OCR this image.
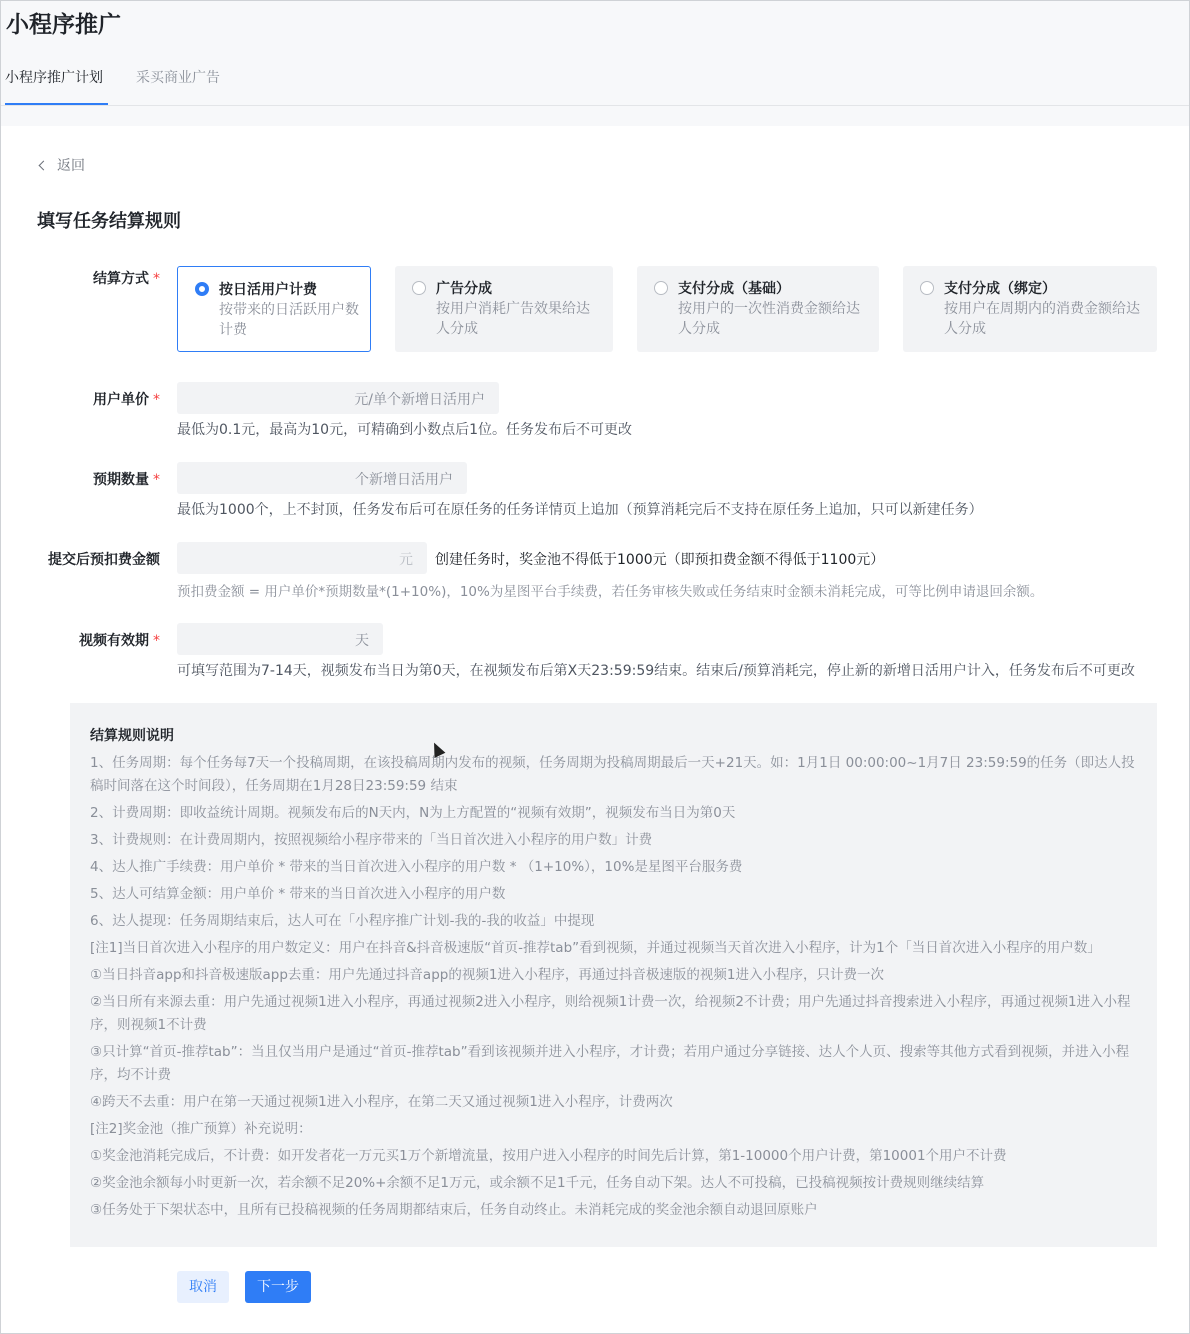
小程序推广
小程序推广计划	采买商业广告
返回
填写任务结算规则
结算方式 *
按日活用户计费
按带来的日活跃用户数计费
广告分成
按用户消耗广告效果给达人分成
支付分成（基础）
按用户的一次性消费金额给达人分成
支付分成（绑定）
按用户在周期内的消费金额给达人分成
用户单价 *	元/单个新增日活用户
最低为0.1元，最高为10元，可精确到小数点后1位。任务发布后不可更改
预期数量 *	个新增日活用户
最低为1000个，上不封顶，任务发布后可在原任务的任务详情页上追加（预算消耗完后不支持在原任务上追加，只可以新建任务）
提交后预扣费金额	元 创建任务时，奖金池不得低于1000元（即预扣费金额不得低于1100元）
预扣费金额 = 用户单价*预期数量*(1+10%)，10%为星图平台手续费，若任务审核失败或任务结束时金额未消耗完成，可等比例申请退回余额。
视频有效期 *	天
可填写范围为7-14天，视频发布当日为第0天，在视频发布后第X天23:59:59结束。结束后/预算消耗完，停止新的新增日活用户计入，任务发布后不可更改
结算规则说明
1、任务周期：每个任务每7天一个投稿周期，在该投稿周期内发布的视频，任务周期为投稿周期最后一天+21天。如：1月1日 00:00:00~1月7日 23:59:59的任务（即达人投稿时间落在这个时间段），任务周期在1月28日23:59:59 结束
2、计费周期：即收益统计周期。视频发布后的N天内，N为上方配置的“视频有效期”，视频发布当日为第0天
3、计费规则：在计费周期内，按照视频给小程序带来的「当日首次进入小程序的用户数」计费
4、达人推广手续费：用户单价 * 带来的当日首次进入小程序的用户数 * （1+10%），10%是星图平台服务费
5、达人可结算金额：用户单价 * 带来的当日首次进入小程序的用户数
6、达人提现：任务周期结束后，达人可在「小程序推广计划-我的-我的收益」中提现
[注1]当日首次进入小程序的用户数定义：用户在抖音&抖音极速版“首页-推荐tab”看到视频，并通过视频当天首次进入小程序，计为1个「当日首次进入小程序的用户数」
①当日抖音app和抖音极速版app去重：用户先通过抖音app的视频1进入小程序，再通过抖音极速版的视频1进入小程序，只计费一次
②当日所有来源去重：用户先通过视频1进入小程序，再通过视频2进入小程序，则给视频1计费一次，给视频2不计费；用户先通过抖音搜索进入小程序，再通过视频1进入小程序，则视频1不计费
③只计算“首页-推荐tab”：当且仅当用户是通过“首页-推荐tab”看到该视频并进入小程序，才计费；若用户通过分享链接、达人个人页、搜索等其他方式看到视频，并进入小程序，均不计费
④跨天不去重：用户在第一天通过视频1进入小程序，在第二天又通过视频1进入小程序，计费两次
[注2]奖金池（推广预算）补充说明：
①奖金池消耗完成后，不计费：如开发者花一万元买1万个新增流量，按用户进入小程序的时间先后计算，第1-10000个用户计费，第10001个用户不计费
②奖金池余额每小时更新一次，若余额不足20%+余额不足1万元，或余额不足1千元，任务自动下架。达人不可投稿，已投稿视频按计费规则继续结算
③任务处于下架状态中，且所有已投稿视频的任务周期都结束后，任务自动终止。未消耗完成的奖金池余额自动退回原账户
取消	下一步
